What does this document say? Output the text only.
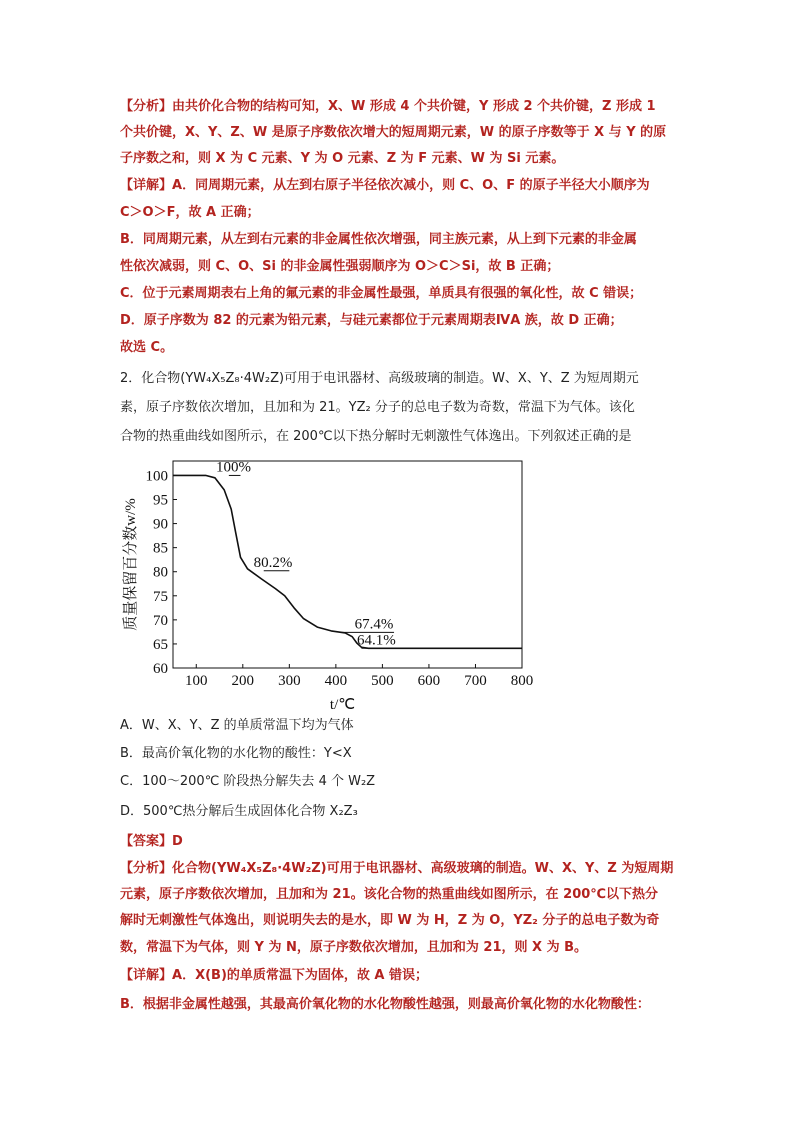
【分析】由共价化合物的结构可知，X、W 形成 4 个共价键，Y 形成 2 个共价键，Z 形成 1
个共价键，X、Y、Z、W 是原子序数依次增大的短周期元素，W 的原子序数等于 X 与 Y 的原
子序数之和，则 X 为 C 元素、Y 为 O 元素、Z 为 F 元素、W 为 Si 元素。
【详解】A．同周期元素，从左到右原子半径依次减小，则 C、O、F 的原子半径大小顺序为
C＞O＞F，故 A 正确；
B．同周期元素，从左到右元素的非金属性依次增强，同主族元素，从上到下元素的非金属
性依次减弱，则 C、O、Si 的非金属性强弱顺序为 O＞C＞Si，故 B 正确；
C．位于元素周期表右上角的氟元素的非金属性最强，单质具有很强的氧化性，故 C 错误；
D．原子序数为 82 的元素为铅元素，与硅元素都位于元素周期表ⅣA 族，故 D 正确；
故选 C。
2．化合物(YW₄X₅Z₈·4W₂Z)可用于电讯器材、高级玻璃的制造。W、X、Y、Z 为短周期元
素，原子序数依次增加，且加和为 21。YZ₂ 分子的总电子数为奇数，常温下为气体。该化
合物的热重曲线如图所示，在 200℃以下热分解时无刺激性气体逸出。下列叙述正确的是
100 200 300 400 500 600 700 800
60
65
70
75
80
85
90
95
100
t/℃
质量保留百分数w/%
100%
80.2%
67.4%
64.1%
A．W、X、Y、Z 的单质常温下均为气体
B．最高价氧化物的水化物的酸性：Y<X
C．100～200℃ 阶段热分解失去 4 个 W₂Z
D．500℃热分解后生成固体化合物 X₂Z₃
【答案】D
【分析】化合物(YW₄X₅Z₈·4W₂Z)可用于电讯器材、高级玻璃的制造。W、X、Y、Z 为短周期
元素，原子序数依次增加，且加和为 21。该化合物的热重曲线如图所示，在 200℃以下热分
解时无刺激性气体逸出，则说明失去的是水，即 W 为 H，Z 为 O，YZ₂ 分子的总电子数为奇
数，常温下为气体，则 Y 为 N，原子序数依次增加，且加和为 21，则 X 为 B。
【详解】A．X(B)的单质常温下为固体，故 A 错误；
B．根据非金属性越强，其最高价氧化物的水化物酸性越强，则最高价氧化物的水化物酸性：
